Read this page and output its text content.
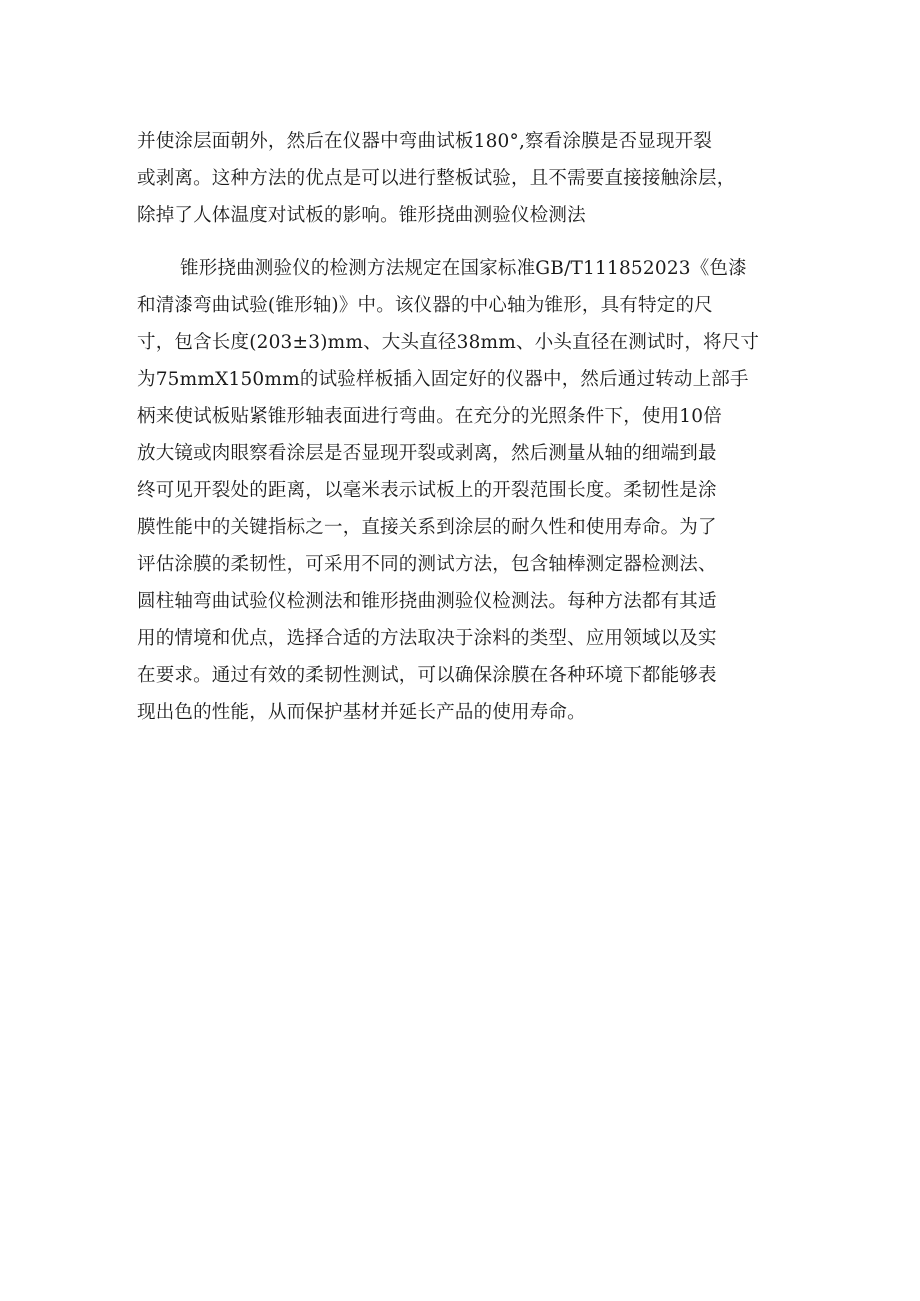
并使涂层面朝外，然后在仪器中弯曲试板180°,察看涂膜是否显现开裂
或剥离。这种方法的优点是可以进行整板试验，且不需要直接接触涂层，
除掉了人体温度对试板的影响。锥形挠曲测验仪检测法
锥形挠曲测验仪的检测方法规定在国家标准GB/T111852023《色漆
和清漆弯曲试验(锥形轴)》中。该仪器的中心轴为锥形，具有特定的尺
寸，包含长度(203±3)mm、大头直径38mm、小头直径在测试时，将尺寸
为75mmX150mm的试验样板插入固定好的仪器中，然后通过转动上部手
柄来使试板贴紧锥形轴表面进行弯曲。在充分的光照条件下，使用10倍
放大镜或肉眼察看涂层是否显现开裂或剥离，然后测量从轴的细端到最
终可见开裂处的距离，以毫米表示试板上的开裂范围长度。柔韧性是涂
膜性能中的关键指标之一，直接关系到涂层的耐久性和使用寿命。为了
评估涂膜的柔韧性，可采用不同的测试方法，包含轴棒测定器检测法、
圆柱轴弯曲试验仪检测法和锥形挠曲测验仪检测法。每种方法都有其适
用的情境和优点，选择合适的方法取决于涂料的类型、应用领域以及实
在要求。通过有效的柔韧性测试，可以确保涂膜在各种环境下都能够表
现出色的性能，从而保护基材并延长产品的使用寿命。
